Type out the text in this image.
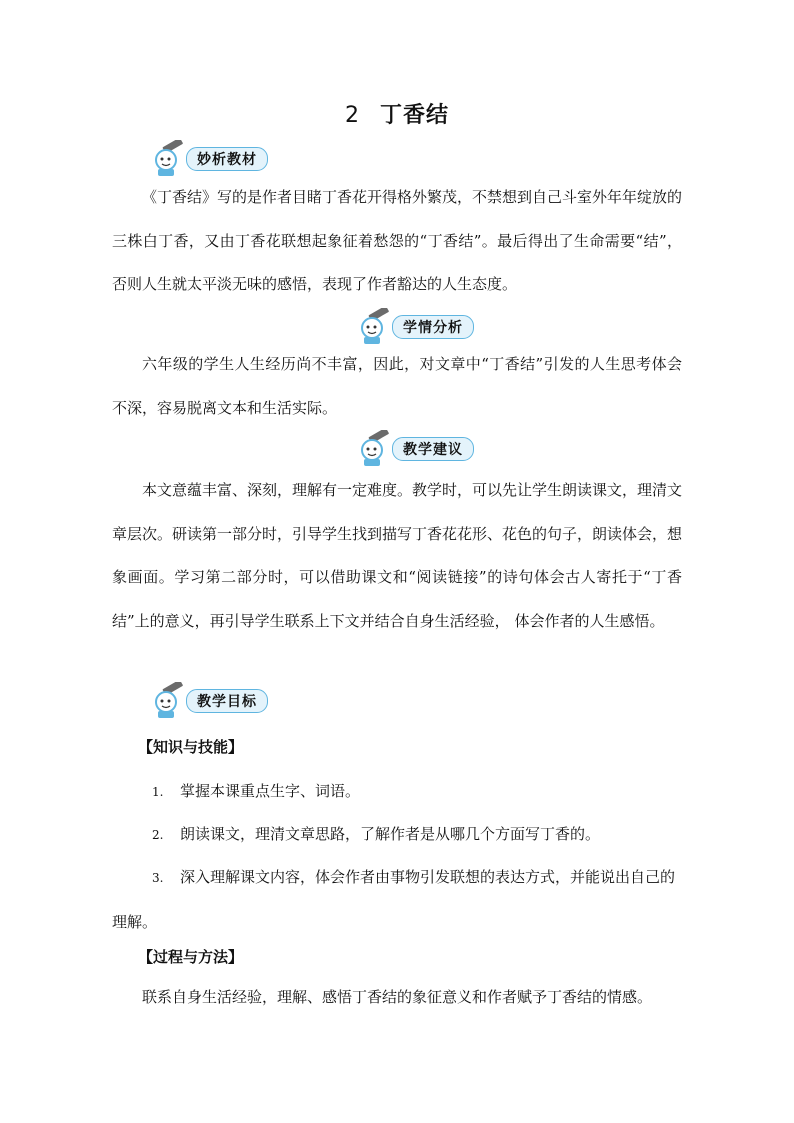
2 丁香结
妙析教材
《丁香结》写的是作者目睹丁香花开得格外繁茂，不禁想到自己斗室外年年绽放的三株白丁香，又由丁香花联想起象征着愁怨的“丁香结”。最后得出了生命需要“结”，否则人生就太平淡无味的感悟，表现了作者豁达的人生态度。
学情分析
六年级的学生人生经历尚不丰富，因此，对文章中“丁香结”引发的人生思考体会不深，容易脱离文本和生活实际。
教学建议
本文意蕴丰富、深刻，理解有一定难度。教学时，可以先让学生朗读课文，理清文章层次。研读第一部分时，引导学生找到描写丁香花花形、花色的句子，朗读体会，想象画面。学习第二部分时，可以借助课文和“阅读链接”的诗句体会古人寄托于“丁香结”上的意义，再引导学生联系上下文并结合自身生活经验， 体会作者的人生感悟。
教学目标
【知识与技能】
1. 掌握本课重点生字、词语。
2. 朗读课文，理清文章思路，了解作者是从哪几个方面写丁香的。
3. 深入理解课文内容，体会作者由事物引发联想的表达方式，并能说出自己的理解。
【过程与方法】
联系自身生活经验，理解、感悟丁香结的象征意义和作者赋予丁香结的情感。
